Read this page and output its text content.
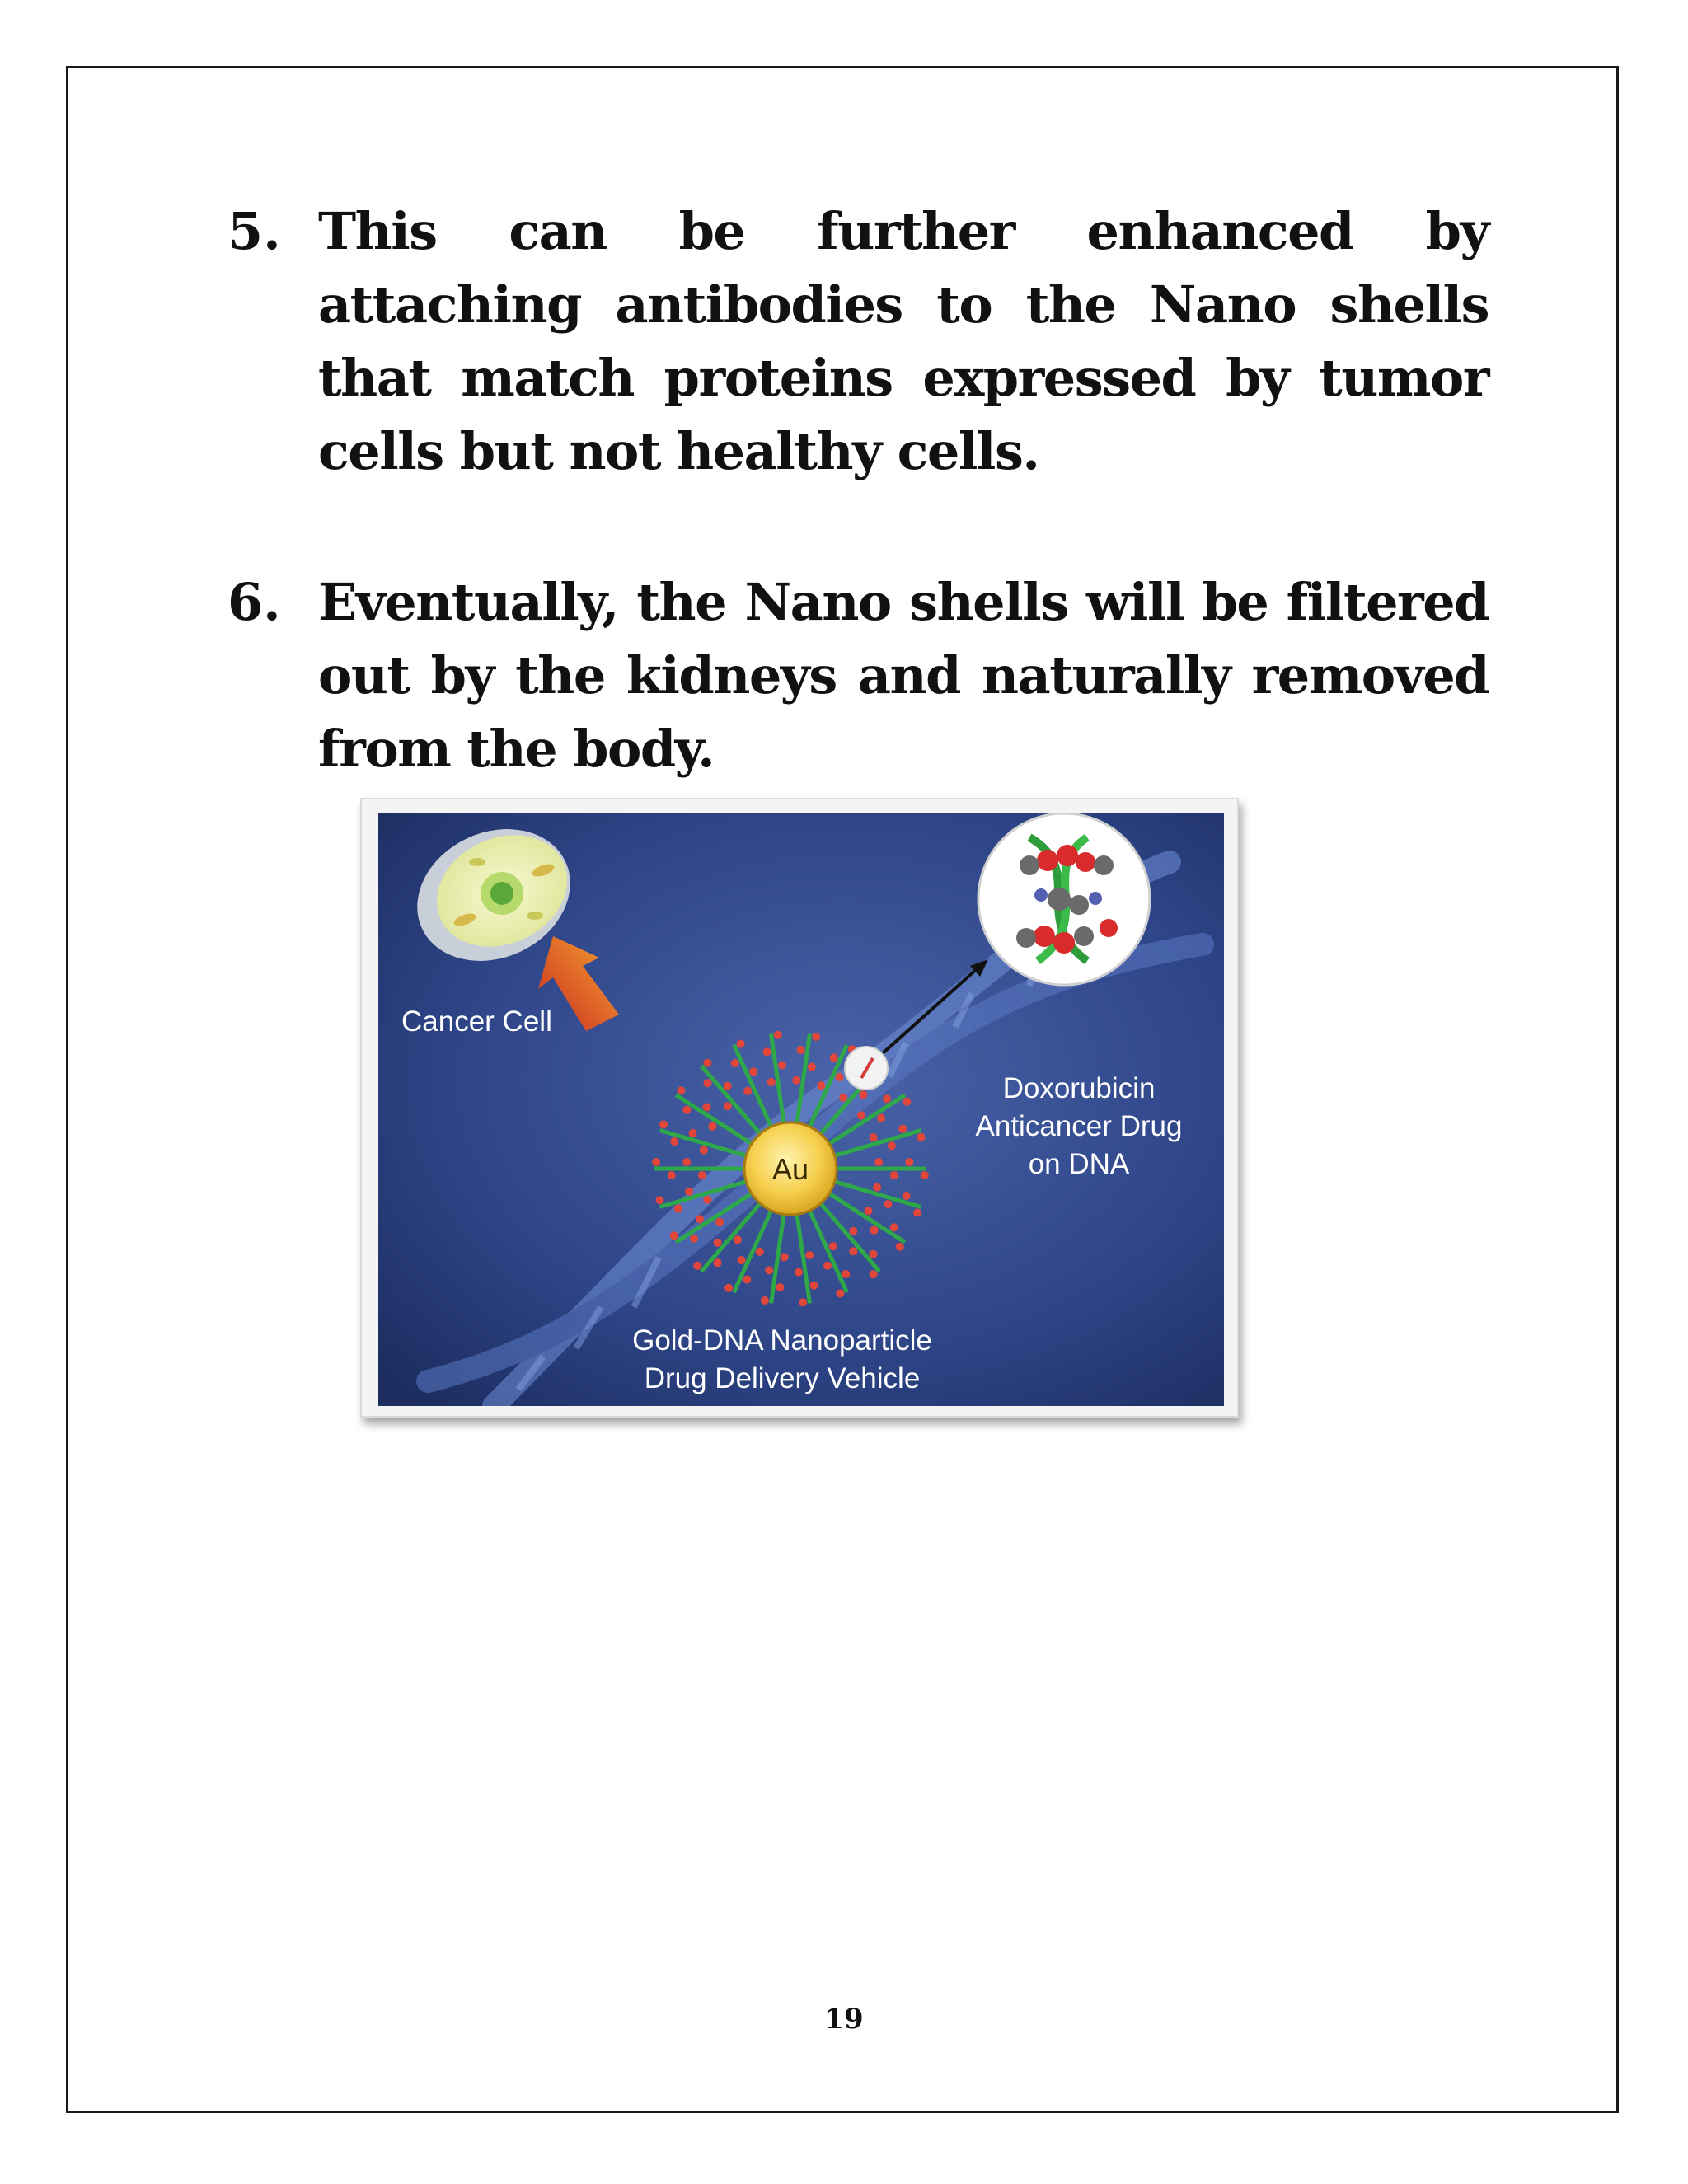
5. This can be further enhanced by attaching antibodies to the Nano shells that match proteins expressed by tumor cells but not healthy cells.
6. Eventually, the Nano shells will be filtered out by the kidneys and naturally removed from the body.
Cancer Cell
Au
Doxorubicin
Anticancer Drug
on DNA
Gold-DNA Nanoparticle
Drug Delivery Vehicle
19
